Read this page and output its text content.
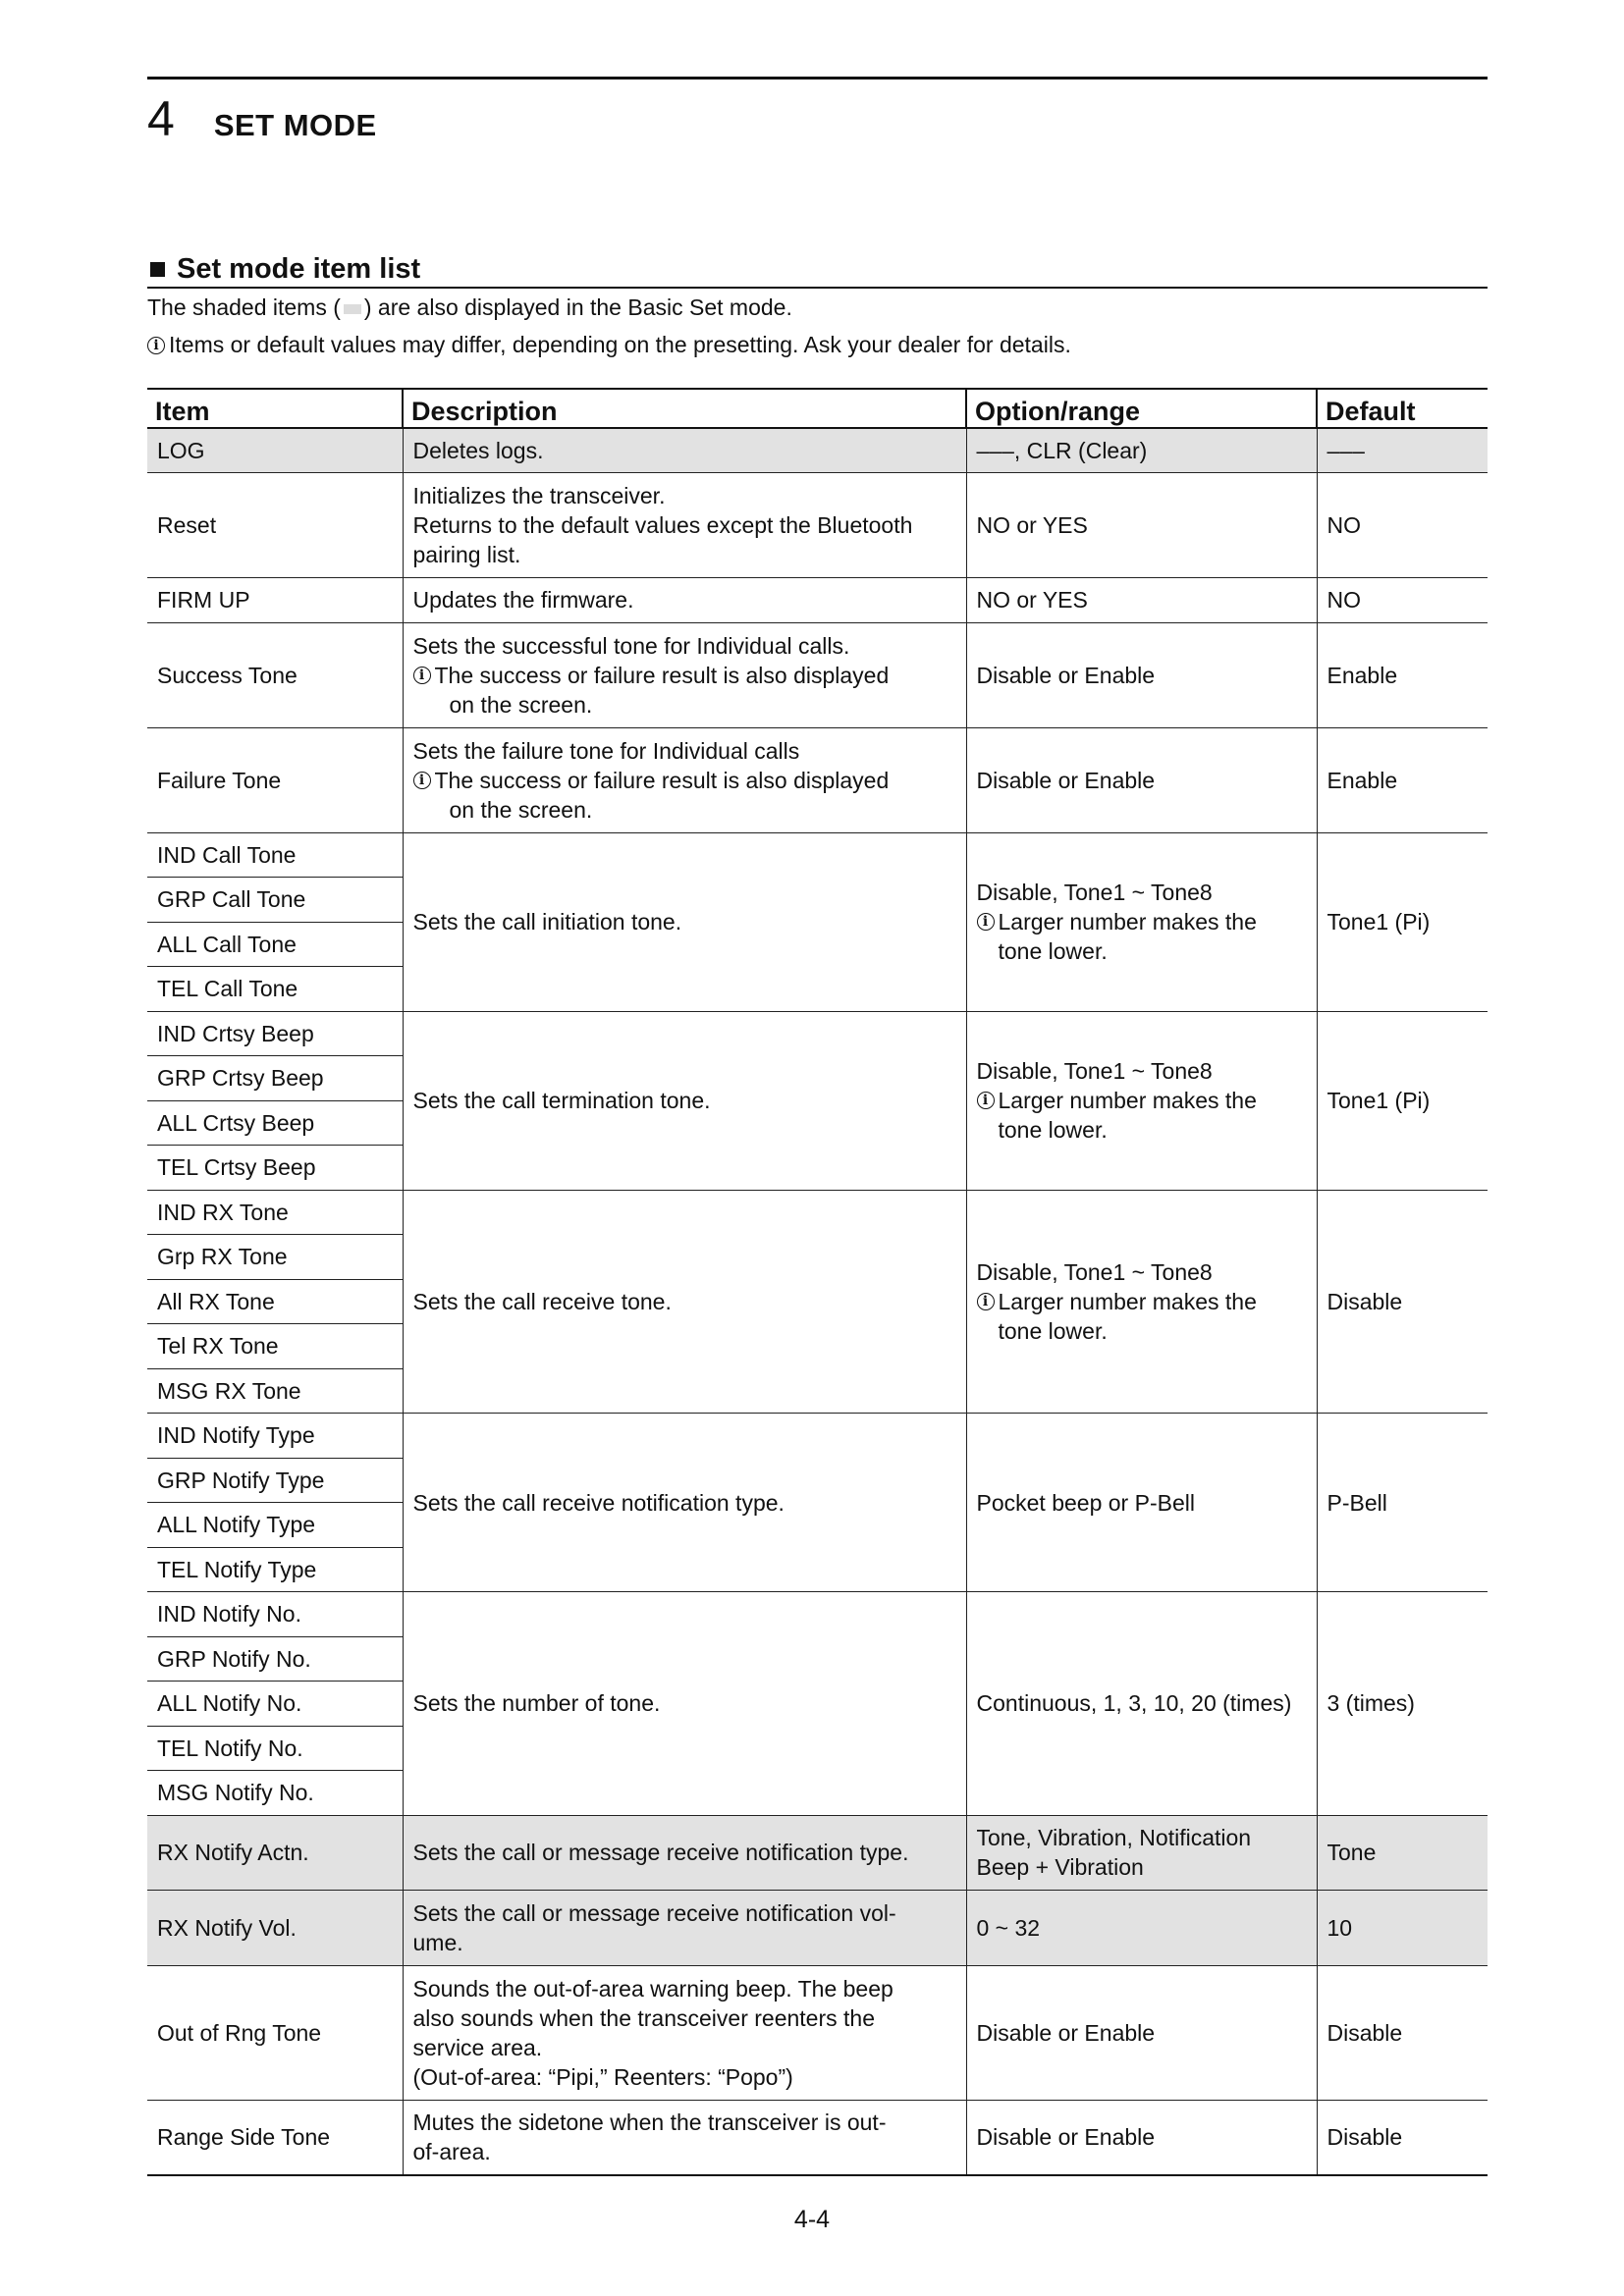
4 SET MODE
Set mode item list
The shaded items ( ) are also displayed in the Basic Set mode.
i Items or default values may differ, depending on the presetting. Ask your dealer for details.
Item	Description	Option/range	Default
LOG	Deletes logs.	–––, CLR (Clear)	–––
Reset	Initializes the transceiver.
Returns to the default values except the Bluetooth
pairing list.	NO or YES	NO
FIRM UP	Updates the firmware.	NO or YES	NO
Success Tone	Sets the successful tone for Individual calls.
i The success or failure result is also displayed
on the screen.	Disable or Enable	Enable
Failure Tone	Sets the failure tone for Individual calls
i The success or failure result is also displayed
on the screen.	Disable or Enable	Enable
IND Call Tone	Sets the call initiation tone.	Disable, Tone1 ~ Tone8
i Larger number makes the
tone lower.	Tone1 (Pi)
GRP Call Tone			
ALL Call Tone			
TEL Call Tone			
IND Crtsy Beep	Sets the call termination tone.	Disable, Tone1 ~ Tone8
i Larger number makes the
tone lower.	Tone1 (Pi)
GRP Crtsy Beep			
ALL Crtsy Beep			
TEL Crtsy Beep			
IND RX Tone	Sets the call receive tone.	Disable, Tone1 ~ Tone8
i Larger number makes the
tone lower.	Disable
Grp RX Tone			
All RX Tone			
Tel RX Tone			
MSG RX Tone			
IND Notify Type	Sets the call receive notification type.	Pocket beep or P-Bell	P-Bell
GRP Notify Type			
ALL Notify Type			
TEL Notify Type			
IND Notify No.	Sets the number of tone.	Continuous, 1, 3, 10, 20 (times)	3 (times)
GRP Notify No.			
ALL Notify No.			
TEL Notify No.			
MSG Notify No.			
RX Notify Actn.	Sets the call or message receive notification type.	Tone, Vibration, Notification
Beep + Vibration	Tone
RX Notify Vol.	Sets the call or message receive notification vol-
ume.	0 ~ 32	10
Out of Rng Tone	Sounds the out-of-area warning beep. The beep
also sounds when the transceiver reenters the
service area.
(Out-of-area: “Pipi,” Reenters: “Popo”)	Disable or Enable	Disable
Range Side Tone	Mutes the sidetone when the transceiver is out-
of-area.	Disable or Enable	Disable
4-4
